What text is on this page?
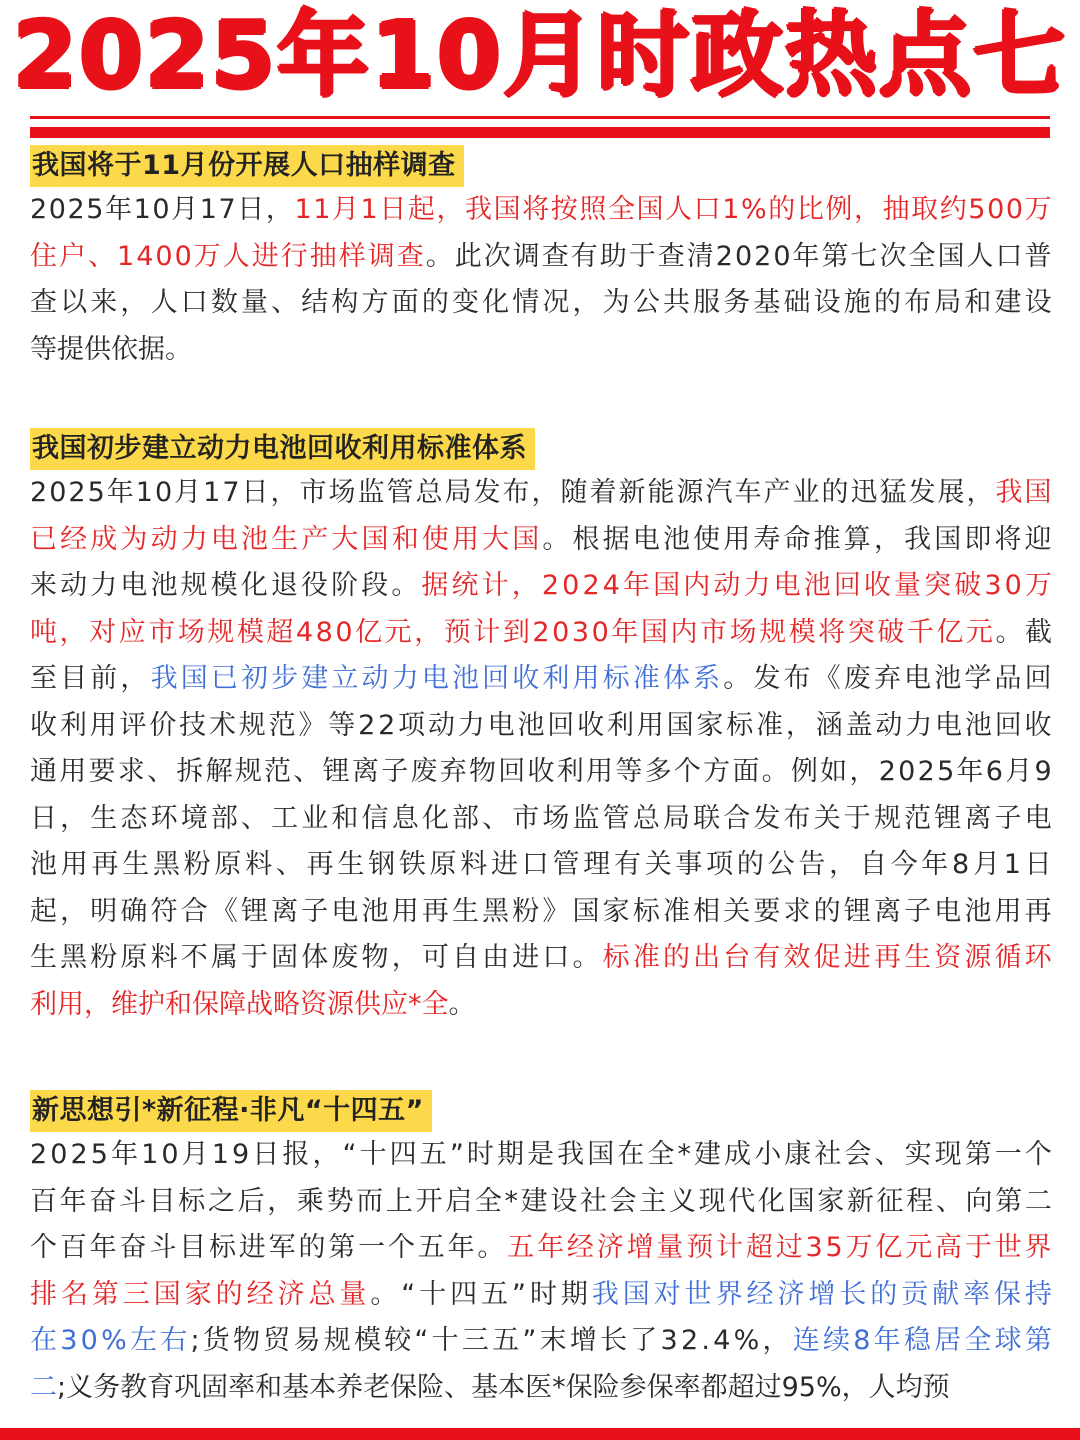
2025年10月时政热点七
我国将于11月份开展人口抽样调查
2 0 2 5 年 1 0 月 1 7 日 ， 1 1 月 1 日 起 ， 我 国 将 按 照 全 国 人 口 1 % 的 比 例 ， 抽 取 约 5 0 0 万
住 户 、 1 4 0 0 万 人 进 行 抽 样 调 查 。 此 次 调 查 有 助 于 查 清 2 0 2 0 年 第 七 次 全 国 人 口 普
查 以 来 ， 人 口 数 量 、 结 构 方 面 的 变 化 情 况 ， 为 公 共 服 务 基 础 设 施 的 布 局 和 建 设
等 提 供 依 据 。
我国初步建立动力电池回收利用标准体系
2 0 2 5 年 1 0 月 1 7 日 ， 市 场 监 管 总 局 发 布 ， 随 着 新 能 源 汽 车 产 业 的 迅 猛 发 展 ， 我 国
已 经 成 为 动 力 电 池 生 产 大 国 和 使 用 大 国 。 根 据 电 池 使 用 寿 命 推 算 ， 我 国 即 将 迎
来 动 力 电 池 规 模 化 退 役 阶 段 。 据 统 计 ， 2 0 2 4 年 国 内 动 力 电 池 回 收 量 突 破 3 0 万
吨 ， 对 应 市 场 规 模 超 4 8 0 亿 元 ， 预 计 到 2 0 3 0 年 国 内 市 场 规 模 将 突 破 千 亿 元 。 截
至 目 前 ， 我 国 已 初 步 建 立 动 力 电 池 回 收 利 用 标 准 体 系 。 发 布 《 废 弃 电 池 学 品 回
收 利 用 评 价 技 术 规 范 》 等 2 2 项 动 力 电 池 回 收 利 用 国 家 标 准 ， 涵 盖 动 力 电 池 回 收
通 用 要 求 、 拆 解 规 范 、 锂 离 子 废 弃 物 回 收 利 用 等 多 个 方 面 。 例 如 ， 2 0 2 5 年 6 月 9
日 ， 生 态 环 境 部 、 工 业 和 信 息 化 部 、 市 场 监 管 总 局 联 合 发 布 关 于 规 范 锂 离 子 电
池 用 再 生 黑 粉 原 料 、 再 生 钢 铁 原 料 进 口 管 理 有 关 事 项 的 公 告 ， 自 今 年 8 月 1 日
起 ， 明 确 符 合 《 锂 离 子 电 池 用 再 生 黑 粉 》 国 家 标 准 相 关 要 求 的 锂 离 子 电 池 用 再
生 黑 粉 原 料 不 属 于 固 体 废 物 ， 可 自 由 进 口 。 标 准 的 出 台 有 效 促 进 再 生 资 源 循 环
利 用 ， 维 护 和 保 障 战 略 资 源 供 应 * 全 。
新思想引*新征程·非凡“十四五”
2 0 2 5 年 1 0 月 1 9 日 报 ， “ 十 四 五 ” 时 期 是 我 国 在 全 * 建 成 小 康 社 会 、 实 现 第 一 个
百 年 奋 斗 目 标 之 后 ， 乘 势 而 上 开 启 全 * 建 设 社 会 主 义 现 代 化 国 家 新 征 程 、 向 第 二
个 百 年 奋 斗 目 标 进 军 的 第 一 个 五 年 。 五 年 经 济 增 量 预 计 超 过 3 5 万 亿 元 高 于 世 界
排 名 第 三 国 家 的 经 济 总 量 。 “ 十 四 五 ” 时 期 我 国 对 世 界 经 济 增 长 的 贡 献 率 保 持
在 3 0 % 左 右 ; 货 物 贸 易 规 模 较 “ 十 三 五 ” 末 增 长 了 3 2 . 4 % ， 连 续 8 年 稳 居 全 球 第
二 ; 义 务 教 育 巩 固 率 和 基 本 养 老 保 险 、 基 本 医 * 保 险 参 保 率 都 超 过 9 5 % ， 人 均 预
